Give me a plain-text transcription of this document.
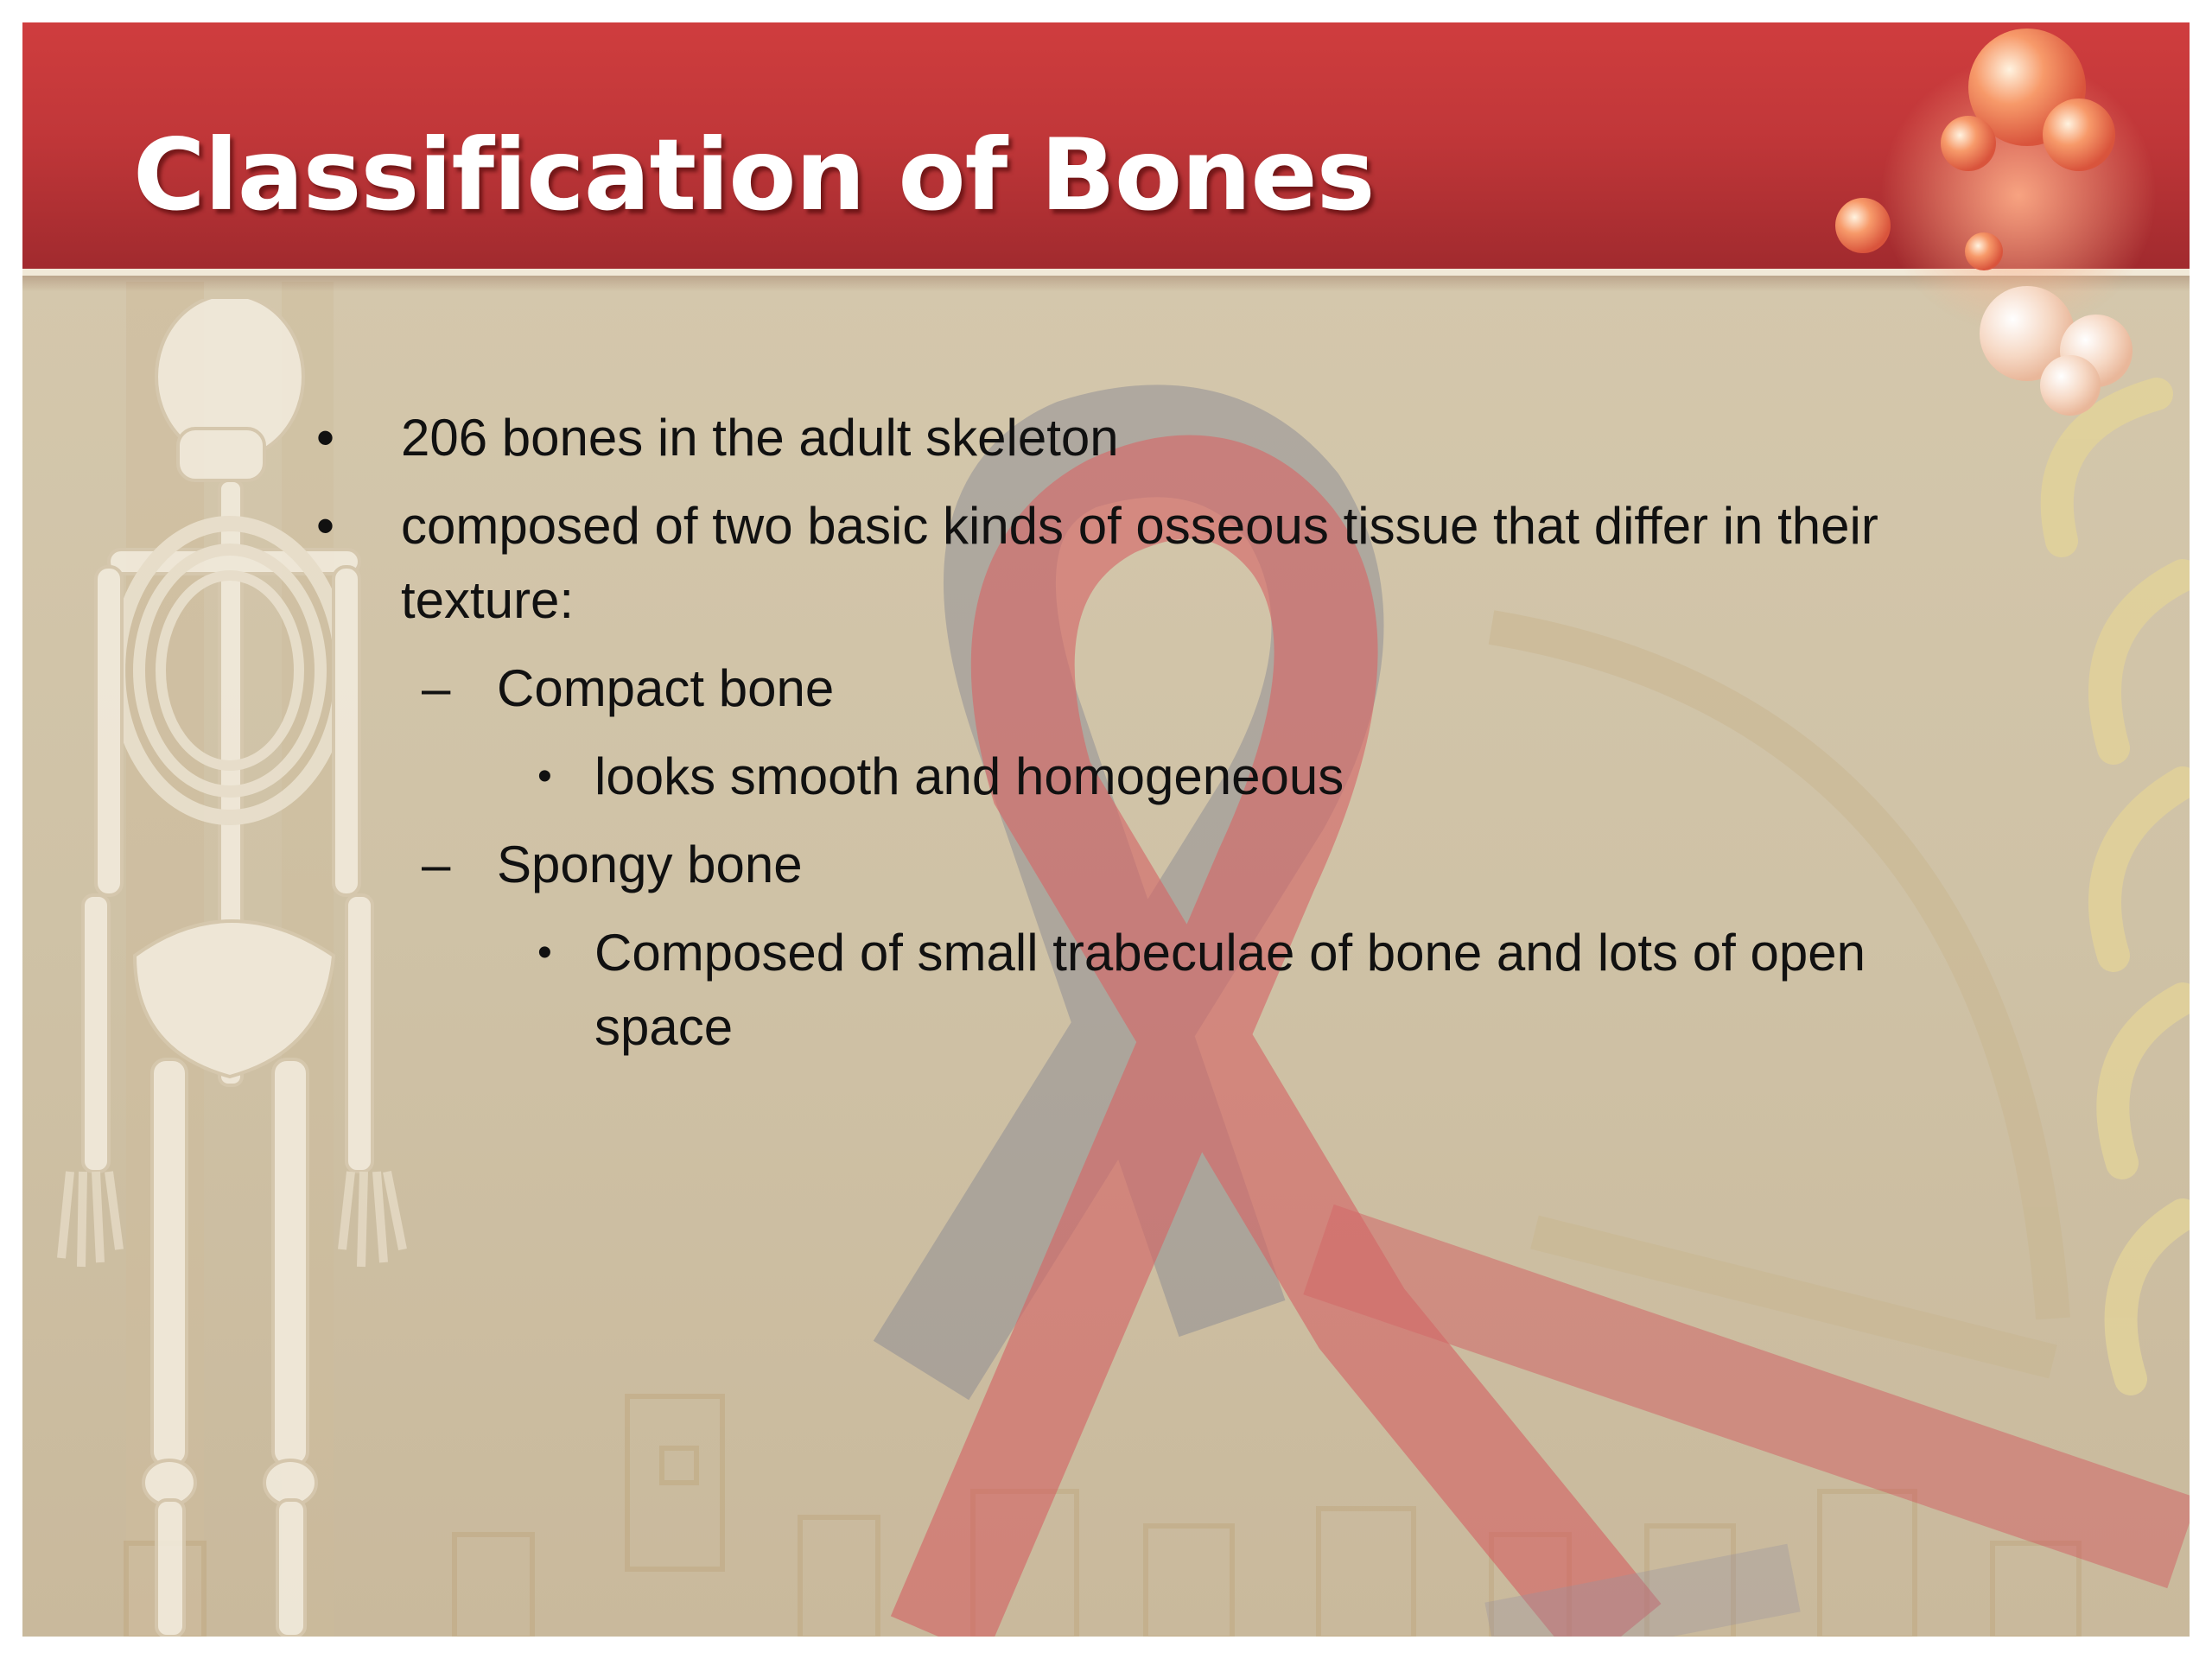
Classification of Bones
• 206 bones in the adult skeleton
• composed of two basic kinds of osseous tissue that differ in their
texture:
– Compact bone
• looks smooth and homogeneous
– Spongy bone
• Composed of small trabeculae of bone and lots of open
space
